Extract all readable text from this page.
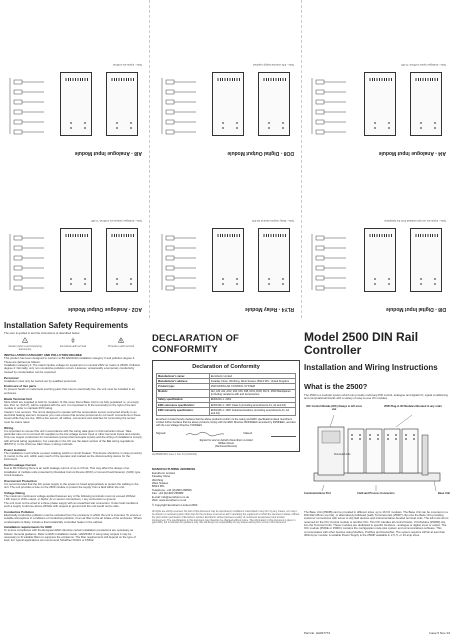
DI8 - Digital Input Module
Note - Inputs are not opto isolated from the backplane
RLY4 - Relay Module
Note - Relay outputs rated at 2A 24V
AO2 - Analogue Output Module
Note - Analogue outputs are 4-20mA / 0-10V
AI4 - Analogue Input Module
Note - Analogue inputs 4-20mA / 0-10V
DO8 - Digital Output Module
Note - 24V external supply required
AI8 - Analogue Input Module
Note - Inputs are 4-20mA
Installation Safety Requirements
The user is guided to and the instructions of described below.
!
Caution (refer to accompanying documents)
Functional earth terminal	Protective earth terminal
INSTALLATION CATEGORY AND POLLUTION DEGREE
This product has been designed to conform to BS EN61010 installation category II and pollution degree 2. These are defined as follows:
Installation category II: The rated impulse voltage for equipment on nominal 230V ac mains is 2500V. Pollution degree 2: Normally, only non conductive pollution occurs. However, occasionally a temporary conductivity caused by condensation can be expected.
Personnel
Installation must only be carried out by qualified personnel.
Enclosure of live parts
To prevent hands or metal tools touching parts that may be electrically live, the unit must be installed in an enclosure.
Blank Terminal Unit
Slots which are supplied to hold I/o modules, fit this cover that a Base Unit is not fully populated i.e. an empty slot. Port no. (DA17), will be supplied with the unit. It is important to fit the terminal(s) to the right of the last module in order to maintain IP20 rating.
Caution: Live sensors. The unit is designed to operate with the temperature sensor connected directly to an electrical heating element. However you must ensure that service personnel do not touch connections to these inputs while they are live. With a live sensor, all cables, connectors and switches for connecting the sensor must be mains rated.
Wiring
It is important to connect the unit in accordance with the wiring data given in this instruction sheet. Take particular care not to connect AC supplies to the low voltage sensor input or other low level inputs and outputs. Only use copper conductors for connections (except thermocouple inputs) and the wiring of installations comply with all local wiring regulations. For example in the UK use the latest version of the IEE wiring regulations (BS7671). In the USA use NEC Class 1 wiring methods.
Power Isolation
The installation must include a power isolating switch or circuit breaker. This device should be in close proximity (1 metre) to the unit, within easy reach of the operator and marked as the disconnecting device for the instrument.
Earth Leakage Current
Due to RFI Filtering there is an earth leakage current of up to 3.5mA. This may affect the design of an installation of multiple units protected by Residual Current Device (RCD) or Ground Fault Detector, (GFD) type circuit breakers.
Overcurrent Protection
It is recommended that the DC power supply to the system is fused appropriately to protect the cabling to the unit. The unit provides a fuse on the 2500 module to protect the supply from a fault within the unit.
Voltage Rating
The maximum continuous voltage applied between any of the following terminals must not exceed 264Vac:
▪ Dlh input or I/Ohs output, or Alpha, dc or sensor connections; ▪ any connection to ground.
The unit must not be wired to a three phase supply with an unearthed star connection. Under fault conditions such a supply could rise above 264Vac with respect to ground and the unit would not be safe.
Conductive Pollution
Electrically conductive pollution must be excluded from the enclosure in which the unit is mounted. To ensure a suitable atmosphere in conditions of conductive pollution, fit an air filter to the air intake of the enclosure. Where condensation is likely, include a thermostatically controlled heater in the cabinet.
Installation requirements for EMC
To ensure compliance with the European EMC directive certain installation precautions are necessary as follows: General guidance. Refer to EMC Installation Guide, HA025464. If using relay outputs it may be necessary to fit suitable filters to suppress the emissions. The filter requirements will depend on the type of load. For typical applications we recommend Schaffner FN321 or FN612.
DECLARATION OF CONFORMITY
Declaration of Conformity
Manufacturer's name:	Eurotherm Limited
Manufacturer's address:	Faraday Close, Worthing, West Sussex, BN13 3PL, United Kingdom
Product type:	2500 MODULAR CONTROL SYSTEM
Models:	AI2, AI3, AI4, AO2, DI4, DI6, DI8, DO4, DO8, RLY4, 2500 Backplanes (including variations with and accessories)
Safety specification:	EN61010-1: 2001
EMC emissions specification:	EN61326-1: 1997 Class A (including amendments A1, A2 and A3)
EMC immunity specification:	EN61326-1: 1997 Industrial locations (including amendments A1, A2 and A3)
Eurotherm Limited hereby declares that the above products conform to the safety and EMC specifications listed. Eurotherm Limited further declares that the above products comply with the EMC Directive 89/336/EEC amended by 93/68/EEC, and also with the Low Voltage Directive 73/23/EEC
Signed:	Dated:
Signed for and on behalf of Eurotherm Limited
William Davis
(Technical Director)
IA249986U810 Issue 1 Dec 04 (CN21404)
MANUFACTURING ADDRESS
Eurotherm Limited
Faraday Close
Worthing
West Sussex
BN13 3PL
Telephone: +44 (0)1903 268500
Fax: +44 (0)1903 265982
E-mail: info@eurotherm.co.uk
Web: www.eurotherm.co.uk
© Copyright Eurotherm Limited 2004
All rights are strictly reserved. No part of this document may be reproduced, modified or transmitted in any form by any means, nor may it be stored in a retrieval system other than for the purpose to act as an aid in operating the equipment to which the document relates, without the prior written permission of Eurotherm Limited. Eurotherm Limited pursues a policy of continuous development and product improvement. The specifications in this document may therefore be changed without notice. The information in this document is given in good faith, but is intended for guidance only. We will accept no responsibility for any losses arising from errors in this document.
Model 2500 DIN Rail Controller
Installation and Wiring Instructions
What is the 2500?
The 2500 is a modular system which can provide multi-loop PID control, analogue and digital I/O, signal conditioning and computational blocks with a variety of easy-to-use I/O modules.
IOC Control Module (IOC) Always in left most slot
2500 Plug-in I/O Modules Mounted in any order
Terminal Units
Communications Port	Field and Process Connectors	Base Unit
The Base Unit (2500B) can be provided in different sizes, up to 16 I/O modules. The Base Unit can be mounted on a DIN Rail (35mm top hat), or alternatively bulkhead (wall). Terminal units (2500T) clip onto the Base Unit providing customer connections with screw or clip field devices and Instrumentation-bonded terminal units. The left-most slot is reserved for the IOC Control module or another IOC. The IOC handles all control blocks. I/O Modules (2500M) clip into the Terminal Units. These modules are dedicated to specific functions - analogue or digital, input or output. The IOC module (2500E or 2500C) contains the configuration code plus system and communications software. This communicates with other devices using Modbus, Profibus and DeviceNet. The system requires 24Vdc at less than 300mA per module. A suitable Power Supply is the 2500P available in 2.5, 5, or 10 amp sizes.
Part No. HA027773	Issue 5 Nov. 04
